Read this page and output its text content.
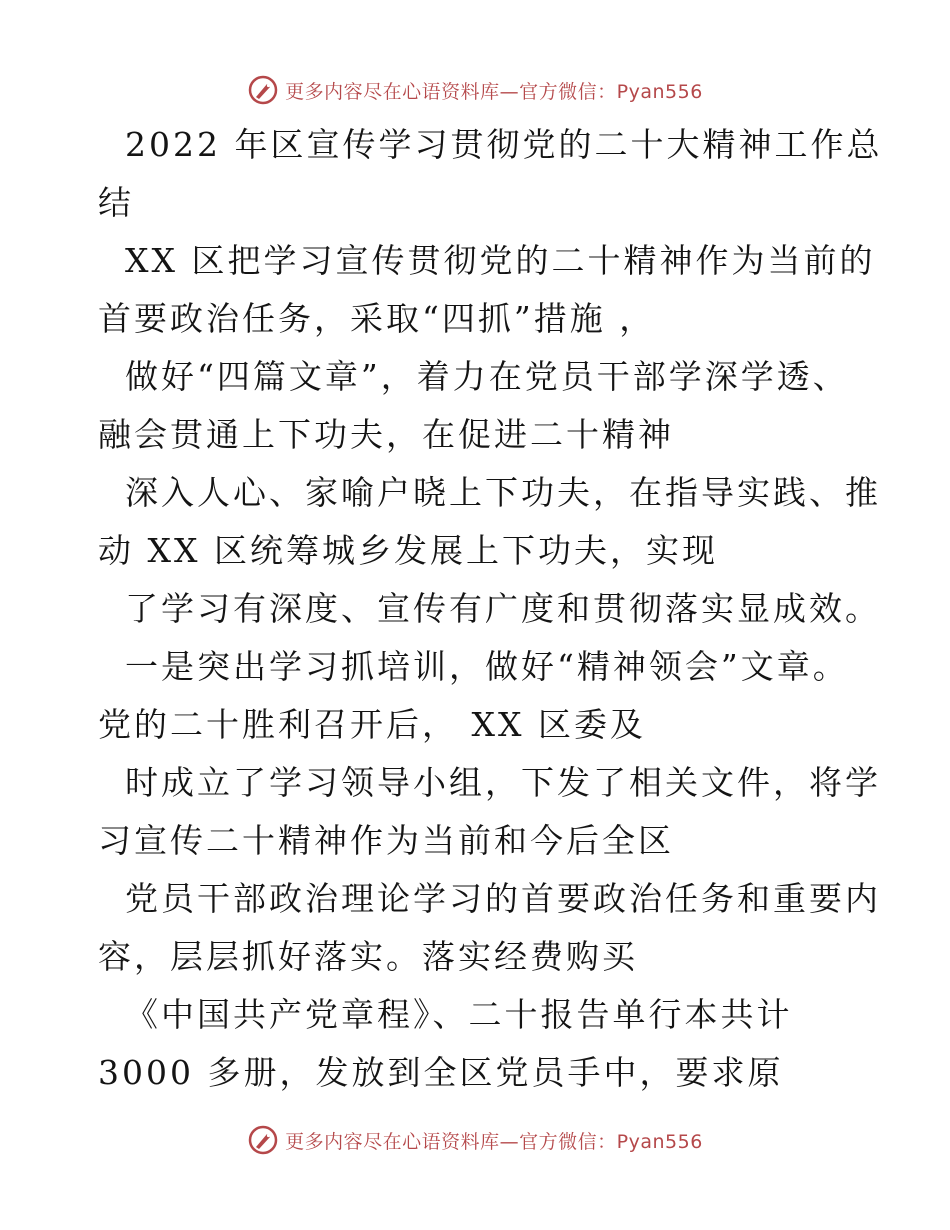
更多内容尽在心语资料库—官方微信：Pyan556

2022 年区宣传学习贯彻党的二十大精神工作总

结

XX 区把学习宣传贯彻党的二十精神作为当前的

首要政治任务，采取“四抓”措施 ，

做好“四篇文章”，着力在党员干部学深学透、

融会贯通上下功夫，在促进二十精神

深入人心、家喻户晓上下功夫，在指导实践、推

动 XX 区统筹城乡发展上下功夫，实现

了学习有深度、宣传有广度和贯彻落实显成效。

一是突出学习抓培训，做好“精神领会”文章。

党的二十胜利召开后， XX 区委及

时成立了学习领导小组，下发了相关文件，将学

习宣传二十精神作为当前和今后全区

党员干部政治理论学习的首要政治任务和重要内

容，层层抓好落实。落实经费购买

《中国共产党章程》、二十报告单行本共计

3000 多册，发放到全区党员手中，要求原

更多内容尽在心语资料库—官方微信：Pyan556
